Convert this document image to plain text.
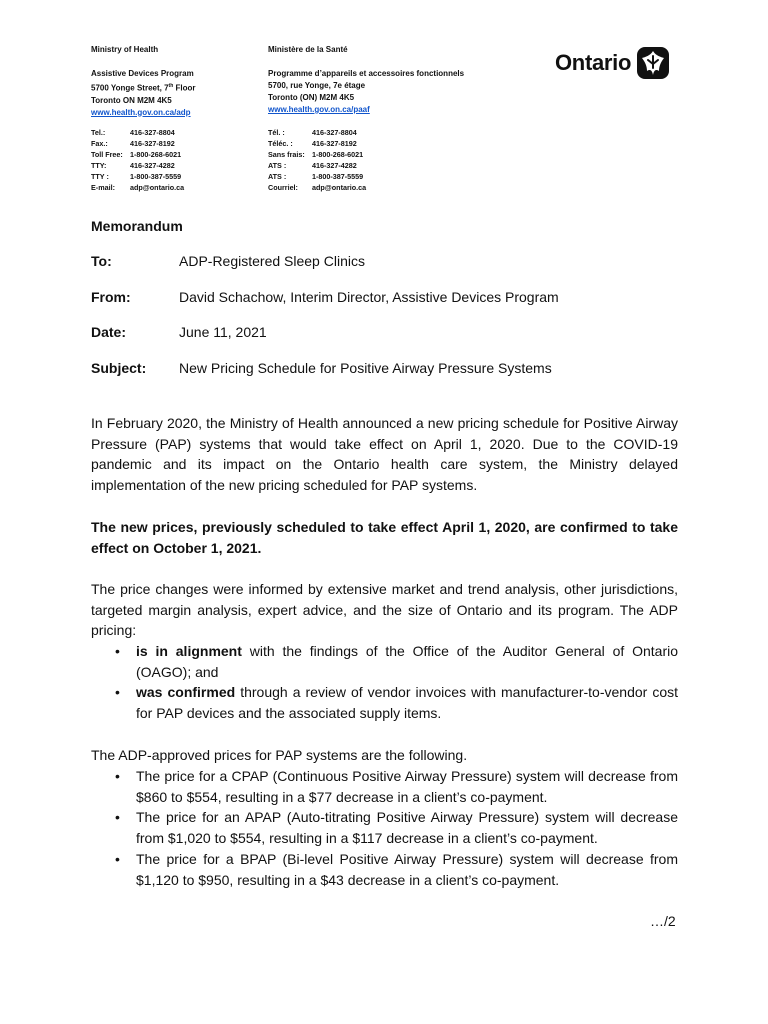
Ministry of Health
Assistive Devices Program
5700 Yonge Street, 7th Floor
Toronto ON M2M 4K5
www.health.gov.on.ca/adp
Tel.:	416-327-8804
Fax.:	416-327-8192
Toll Free: 1-800-268-6021
TTY:	416-327-4282
TTY :	1-800-387-5559
E-mail:	adp@ontario.ca
Ministère de la Santé
Programme d’appareils et accessoires fonctionnels
5700, rue Yonge, 7e étage
Toronto (ON) M2M 4K5
www.health.gov.on.ca/paaf
Tél. :	416-327-8804
Téléc. :	416-327-8192
Sans frais:	1-800-268-6021
ATS :	416-327-4282
ATS :	1-800-387-5559
Courriel:	adp@ontario.ca
Ontario
Memorandum
To:	ADP-Registered Sleep Clinics
From:	David Schachow, Interim Director, Assistive Devices Program
Date:	June 11, 2021
Subject: New Pricing Schedule for Positive Airway Pressure Systems
In February 2020, the Ministry of Health announced a new pricing schedule for Positive Airway Pressure (PAP) systems that would take effect on April 1, 2020. Due to the COVID-19 pandemic and its impact on the Ontario health care system, the Ministry delayed implementation of the new pricing scheduled for PAP systems.
The new prices, previously scheduled to take effect April 1, 2020, are confirmed to take effect on October 1, 2021.
The price changes were informed by extensive market and trend analysis, other jurisdictions, targeted margin analysis, expert advice, and the size of Ontario and its program. The ADP pricing:
• is in alignment with the findings of the Office of the Auditor General of Ontario (OAGO); and
• was confirmed through a review of vendor invoices with manufacturer-to-vendor cost for PAP devices and the associated supply items.
The ADP-approved prices for PAP systems are the following.
• The price for a CPAP (Continuous Positive Airway Pressure) system will decrease from $860 to $554, resulting in a $77 decrease in a client’s co-payment.
• The price for an APAP (Auto-titrating Positive Airway Pressure) system will decrease from $1,020 to $554, resulting in a $117 decrease in a client’s co-payment.
• The price for a BPAP (Bi-level Positive Airway Pressure) system will decrease from $1,120 to $950, resulting in a $43 decrease in a client’s co-payment.
…/2
